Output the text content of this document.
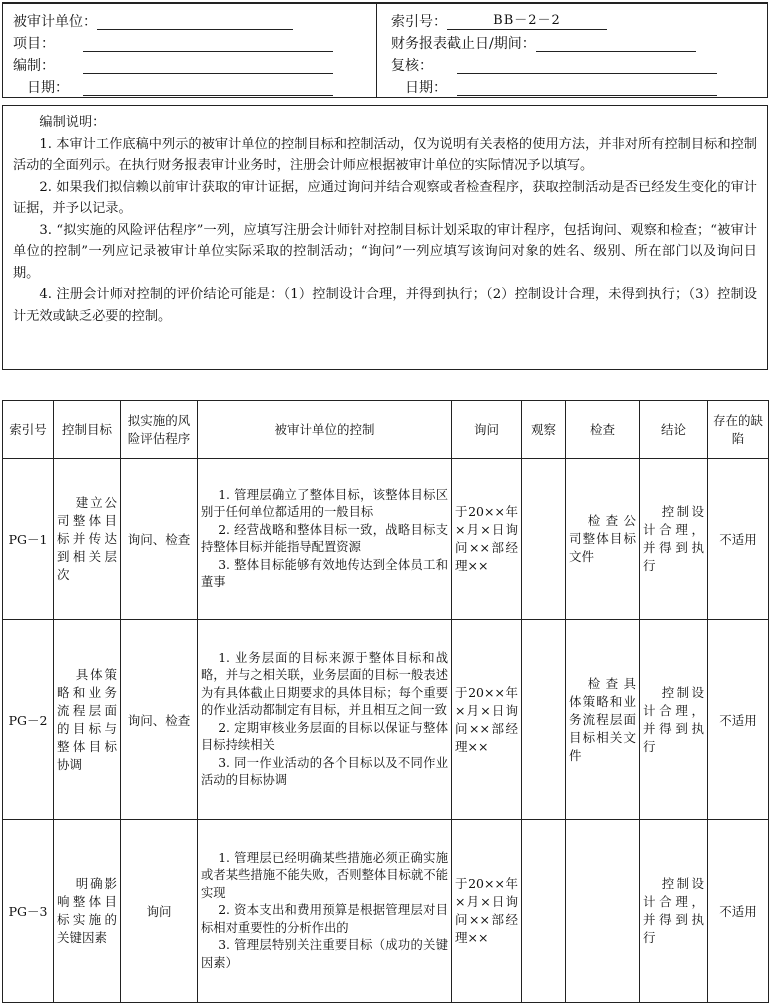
被审计单位：
项目：
编制：
日期：
索引号：	BB－2－2
财务报表截止日/期间：
复核：
日期：

编制说明：

1. 本审计工作底稿中列示的被审计单位的控制目标和控制活动，仅为说明有关表格的使用方法，并非对所有控制目标和控制活动的全面列示。在执行财务报表审计业务时，注册会计师应根据被审计单位的实际情况予以填写。

2. 如果我们拟信赖以前审计获取的审计证据，应通过询问并结合观察或者检查程序，获取控制活动是否已经发生变化的审计证据，并予以记录。

3. “拟实施的风险评估程序”一列，应填写注册会计师针对控制目标计划采取的审计程序，包括询问、观察和检查；“被审计单位的控制”一列应记录被审计单位实际采取的控制活动；“询问”一列应填写该询问对象的姓名、级别、所在部门以及询问日期。

4. 注册会计师对控制的评价结论可能是：（1）控制设计合理，并得到执行；（2）控制设计合理，未得到执行；（3）控制设计无效或缺乏必要的控制。

索引号	控制目标	拟实施的风险评估程序	被审计单位的控制	询问	观察	检查	结论	存在的缺陷
PG－1	建立公司整体目标并传达到相关层次	询问、检查	1. 管理层确立了整体目标，该整体目标区别于任何单位都适用的一般目标
2. 经营战略和整体目标一致，战略目标支持整体目标并能指导配置资源
3. 整体目标能够有效地传达到全体员工和董事	于20××年×月×日询问××部经理××		检查公司整体目标文件	控制设计合理，并得到执行	不适用
PG－2	具体策略和业务流程层面的目标与整体目标协调	询问、检查	1. 业务层面的目标来源于整体目标和战略，并与之相关联，业务层面的目标一般表述为有具体截止日期要求的具体目标；每个重要的作业活动都制定有目标，并且相互之间一致
2. 定期审核业务层面的目标以保证与整体目标持续相关
3. 同一作业活动的各个目标以及不同作业活动的目标协调	于20××年×月×日询问××部经理××		检查具体策略和业务流程层面目标相关文件	控制设计合理，并得到执行	不适用
PG－3	明确影响整体目标实施的关键因素	询问	1. 管理层已经明确某些措施必须正确实施或者某些措施不能失败，否则整体目标就不能实现
2. 资本支出和费用预算是根据管理层对目标相对重要性的分析作出的
3. 管理层特别关注重要目标（成功的关键因素）	于20××年×月×日询问××部经理××			控制设计合理，并得到执行	不适用
